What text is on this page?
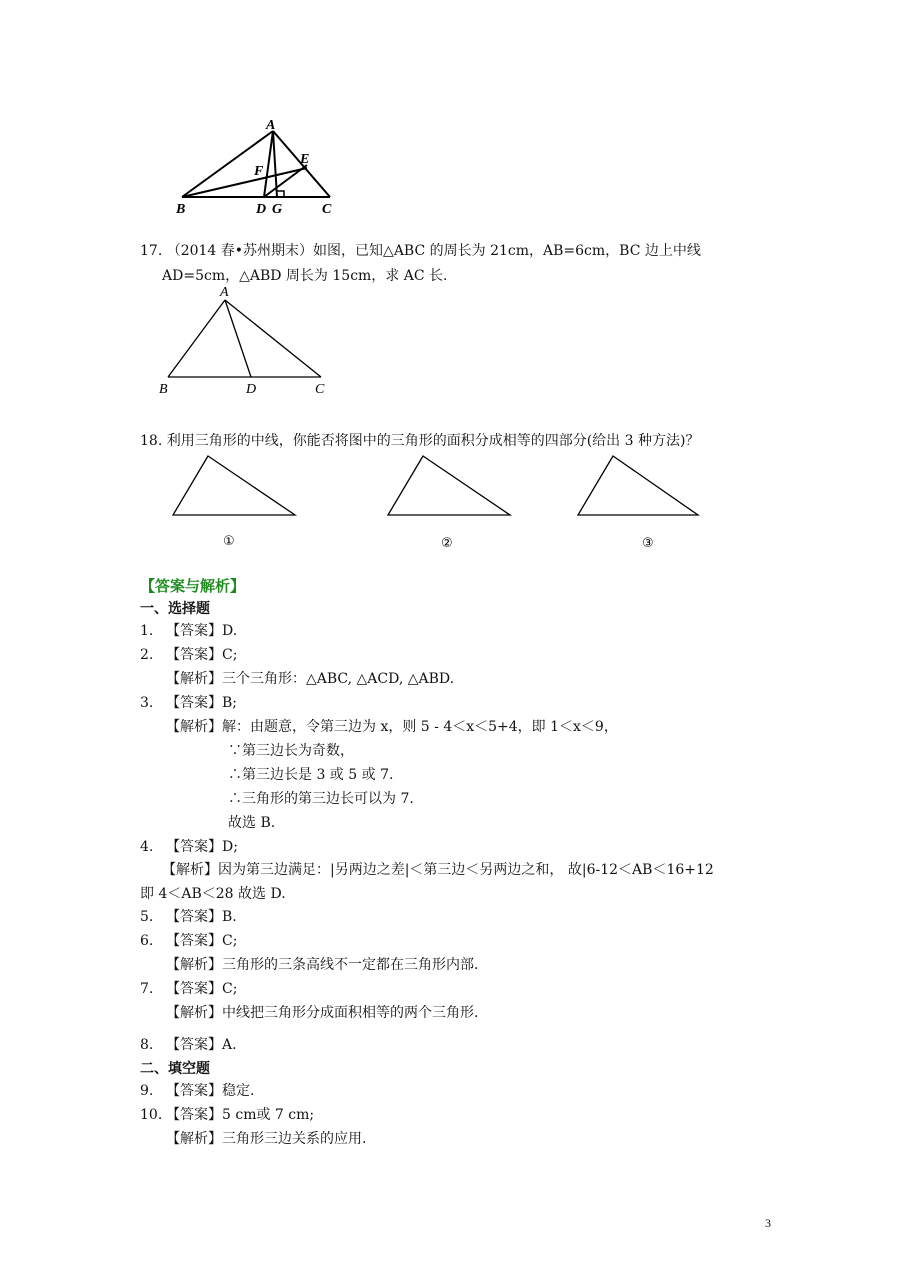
A
B	D G	C
E
F
17. （2014 春•苏州期末）如图，已知△ABC 的周长为 21cm，AB=6cm，BC 边上中线
AD=5cm，△ABD 周长为 15cm，求 AC 长.
A
B	D	C
18. 利用三角形的中线，你能否将图中的三角形的面积分成相等的四部分(给出 3 种方法)？
①	②	③
【答案与解析】
一、选择题
1. 【答案】D.
2. 【答案】C;
【解析】三个三角形：△ABC, △ACD, △ABD.
3. 【答案】B;
【解析】解：由题意，令第三边为 x，则 5 - 4＜x＜5+4，即 1＜x＜9，
∵第三边长为奇数，
∴第三边长是 3 或 5 或 7.
∴三角形的第三边长可以为 7.
故选 B.
4. 【答案】D;
【解析】因为第三边满足：|另两边之差|＜第三边＜另两边之和， 故|6-12＜AB＜16+12
即 4＜AB＜28 故选 D.
5. 【答案】B.
6. 【答案】C;
【解析】三角形的三条高线不一定都在三角形内部.
7. 【答案】C;
【解析】中线把三角形分成面积相等的两个三角形.
8. 【答案】A.
二、填空题
9. 【答案】稳定.
10. 【答案】5 cm或 7 cm;
【解析】三角形三边关系的应用.
3
